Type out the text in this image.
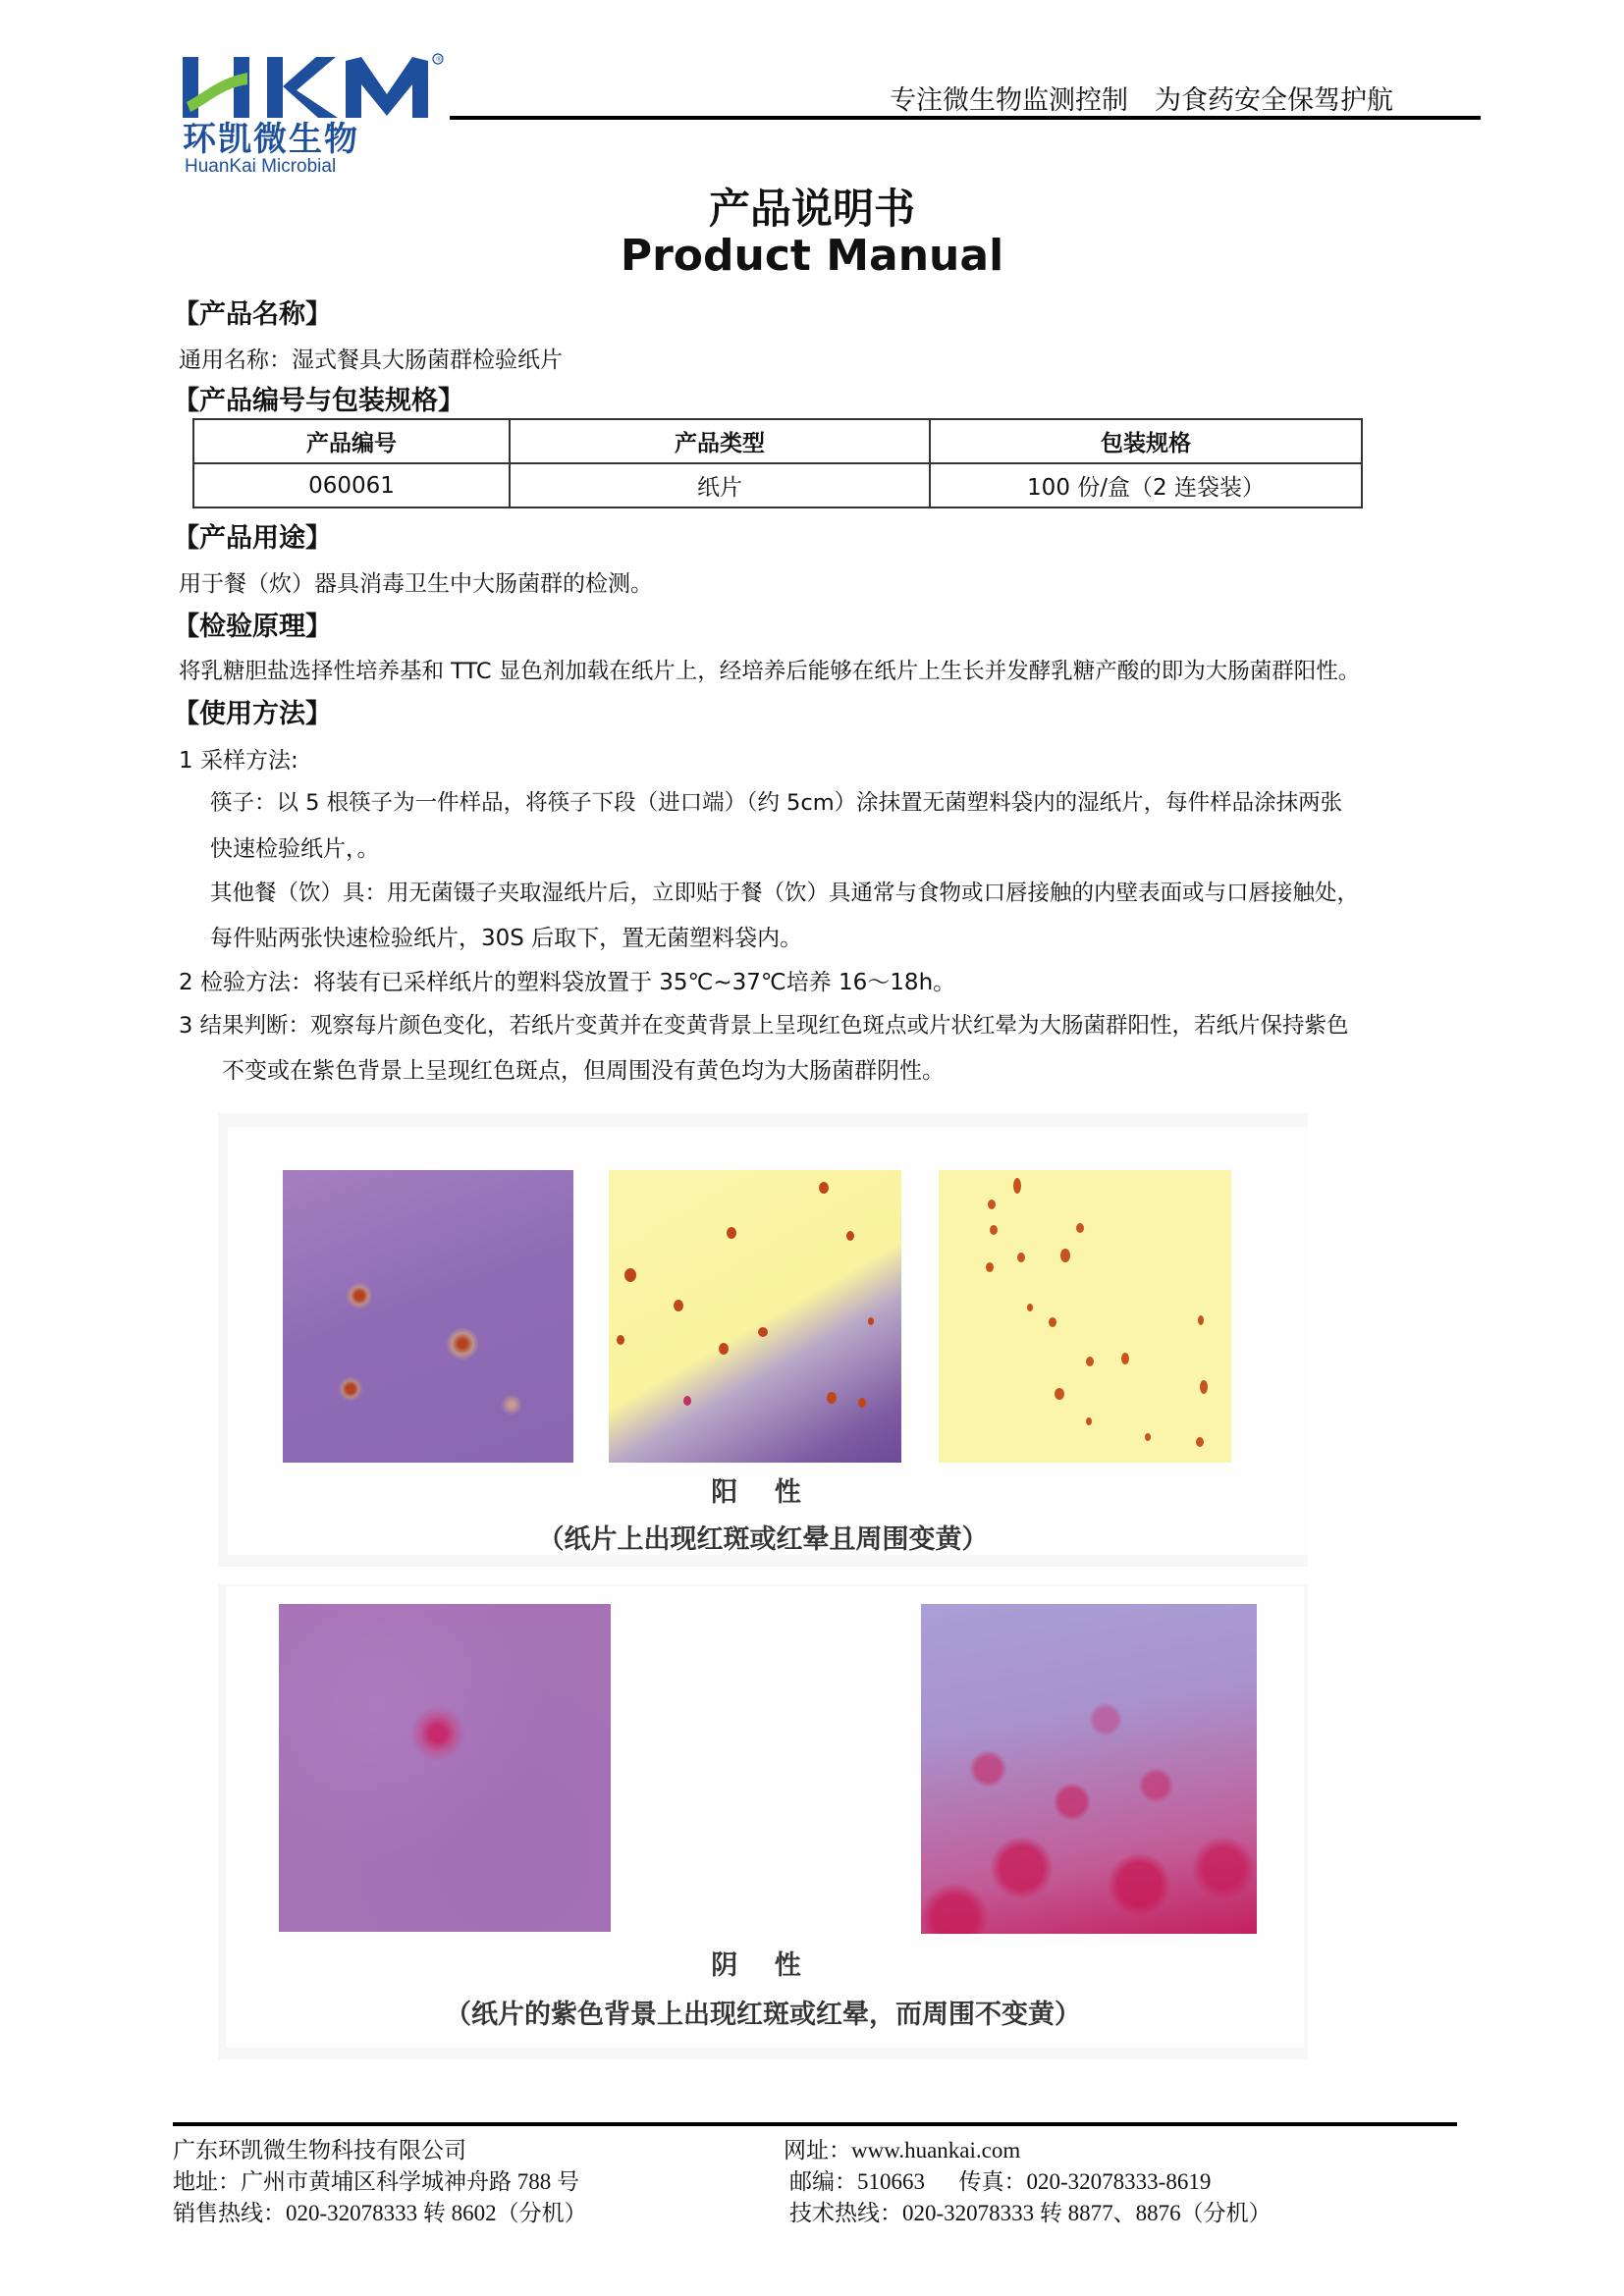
®
环凯微生物
HuanKai Microbial
专注微生物监测控制　为食药安全保驾护航
产品说明书
Product Manual
【产品名称】
通用名称：湿式餐具大肠菌群检验纸片
【产品编号与包装规格】
产品编号	产品类型	包装规格
060061	纸片	100 份/盒（2 连袋装）
【产品用途】
用于餐（炊）器具消毒卫生中大肠菌群的检测。
【检验原理】
将乳糖胆盐选择性培养基和 TTC 显色剂加载在纸片上，经培养后能够在纸片上生长并发酵乳糖产酸的即为大肠菌群阳性。
【使用方法】
1 采样方法:
筷子：以 5 根筷子为一件样品，将筷子下段（进口端）（约 5cm）涂抹置无菌塑料袋内的湿纸片，每件样品涂抹两张
快速检验纸片，。
其他餐（饮）具：用无菌镊子夹取湿纸片后，立即贴于餐（饮）具通常与食物或口唇接触的内壁表面或与口唇接触处，
每件贴两张快速检验纸片，30S 后取下，置无菌塑料袋内。
2 检验方法：将装有已采样纸片的塑料袋放置于 35℃~37℃培养 16～18h。
3 结果判断：观察每片颜色变化，若纸片变黄并在变黄背景上呈现红色斑点或片状红晕为大肠菌群阳性，若纸片保持紫色
不变或在紫色背景上呈现红色斑点，但周围没有黄色均为大肠菌群阴性。
阳 性
（纸片上出现红斑或红晕且周围变黄）
阴 性
（纸片的紫色背景上出现红斑或红晕，而周围不变黄）
广东环凯微生物科技有限公司
地址：广州市黄埔区科学城神舟路 788 号
销售热线：020-32078333 转 8602（分机）
网址：www.huankai.com
邮编：510663      传真：020-32078333-8619
技术热线：020-32078333 转 8877、8876（分机）
